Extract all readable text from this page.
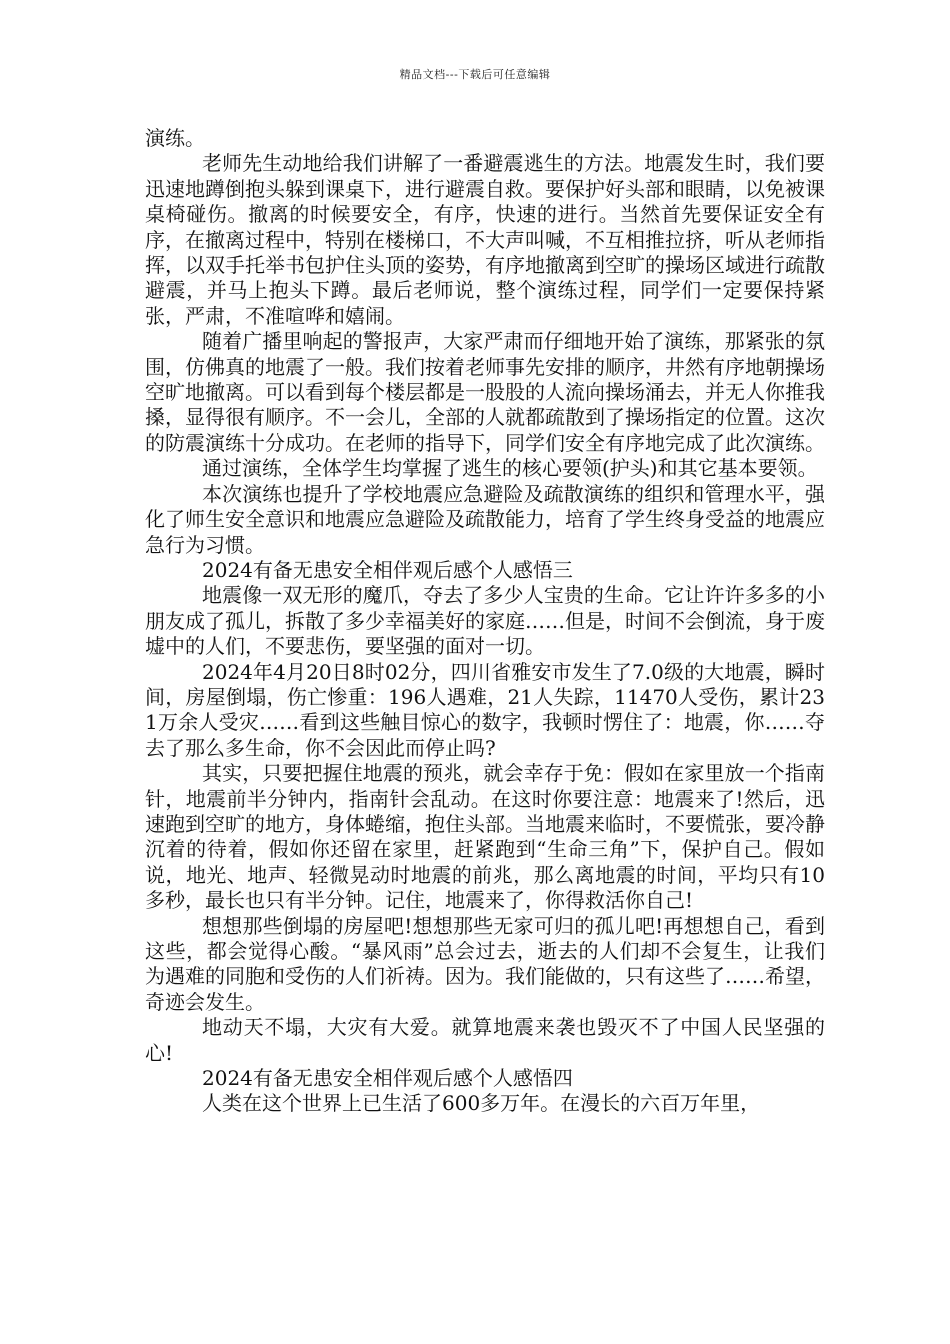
精品文档---下载后可任意编辑

演练。

老师先生动地给我们讲解了一番避震逃生的方法。地震发生时，我们要迅速地蹲倒抱头躲到课桌下，进行避震自救。要保护好头部和眼睛，以免被课桌椅碰伤。撤离的时候要安全，有序，快速的进行。当然首先要保证安全有序，在撤离过程中，特别在楼梯口，不大声叫喊，不互相推拉挤，听从老师指挥，以双手托举书包护住头顶的姿势，有序地撤离到空旷的操场区域进行疏散避震，并马上抱头下蹲。最后老师说，整个演练过程，同学们一定要保持紧张，严肃，不准喧哗和嬉闹。

随着广播里响起的警报声，大家严肃而仔细地开始了演练，那紧张的氛围，仿佛真的地震了一般。我们按着老师事先安排的顺序，井然有序地朝操场空旷地撤离。可以看到每个楼层都是一股股的人流向操场涌去，并无人你推我搡，显得很有顺序。不一会儿，全部的人就都疏散到了操场指定的位置。这次的防震演练十分成功。在老师的指导下，同学们安全有序地完成了此次演练。

通过演练，全体学生均掌握了逃生的核心要领(护头)和其它基本要领。

本次演练也提升了学校地震应急避险及疏散演练的组织和管理水平，强化了师生安全意识和地震应急避险及疏散能力，培育了学生终身受益的地震应急行为习惯。

2024有备无患安全相伴观后感个人感悟三

地震像一双无形的魔爪，夺去了多少人宝贵的生命。它让许许多多的小朋友成了孤儿，拆散了多少幸福美好的家庭……但是，时间不会倒流，身于废墟中的人们，不要悲伤，要坚强的面对一切。

2024年4月20日8时02分，四川省雅安市发生了7.0级的大地震，瞬时间，房屋倒塌，伤亡惨重：196人遇难，21人失踪，11470人受伤，累计231万余人受灾……看到这些触目惊心的数字，我顿时愣住了：地震，你……夺去了那么多生命，你不会因此而停止吗?

其实，只要把握住地震的预兆，就会幸存于免：假如在家里放一个指南针，地震前半分钟内，指南针会乱动。在这时你要注意：地震来了!然后，迅速跑到空旷的地方，身体蜷缩，抱住头部。当地震来临时，不要慌张，要冷静沉着的待着，假如你还留在家里，赶紧跑到“生命三角”下，保护自己。假如说，地光、地声、轻微晃动时地震的前兆，那么离地震的时间，平均只有10多秒，最长也只有半分钟。记住，地震来了，你得救活你自己!

想想那些倒塌的房屋吧!想想那些无家可归的孤儿吧!再想想自己，看到这些，都会觉得心酸。“暴风雨”总会过去，逝去的人们却不会复生，让我们为遇难的同胞和受伤的人们祈祷。因为。我们能做的，只有这些了……希望，奇迹会发生。

地动天不塌，大灾有大爱。就算地震来袭也毁灭不了中国人民坚强的心!

2024有备无患安全相伴观后感个人感悟四

人类在这个世界上已生活了600多万年。在漫长的六百万年里，
